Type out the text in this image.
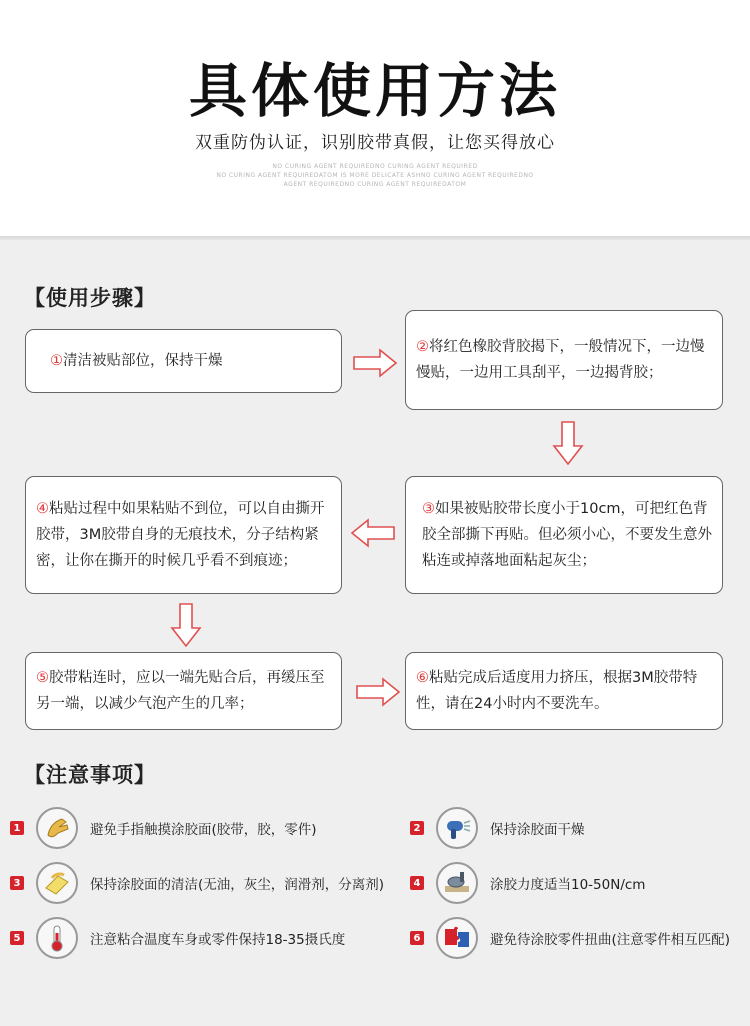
具体使用方法
双重防伪认证，识别胶带真假，让您买得放心
NO CURING AGENT REQUIREDNO CURING AGENT REQUIRED
NO CURING AGENT REQUIREDATOM IS MORE DELICATE ASHNO CURING AGENT REQUIREDNO
AGENT REQUIREDNO CURING AGENT REQUIREDATOM
【使用步骤】
①清洁被贴部位，保持干燥
②将红色橡胶背胶揭下，一般情况下，一边慢慢贴，一边用工具刮平，一边揭背胶；
④粘贴过程中如果粘贴不到位，可以自由撕开胶带，3M胶带自身的无痕技术，分子结构紧密，让你在撕开的时候几乎看不到痕迹；
③如果被贴胶带长度小于10cm，可把红色背胶全部撕下再贴。但必须小心，不要发生意外粘连或掉落地面粘起灰尘；
⑤胶带粘连时，应以一端先贴合后，再缓压至另一端，以减少气泡产生的几率；
⑥粘贴完成后适度用力挤压，根据3M胶带特性，请在24小时内不要洗车。
【注意事项】
1	避免手指触摸涂胶面(胶带，胶，零件)	2	保持涂胶面干燥
3	保持涂胶面的清洁(无油，灰尘，润滑剂，分离剂)	4	涂胶力度适当10-50N/cm
5	注意粘合温度车身或零件保持18-35摄氏度	6	避免待涂胶零件扭曲(注意零件相互匹配)
